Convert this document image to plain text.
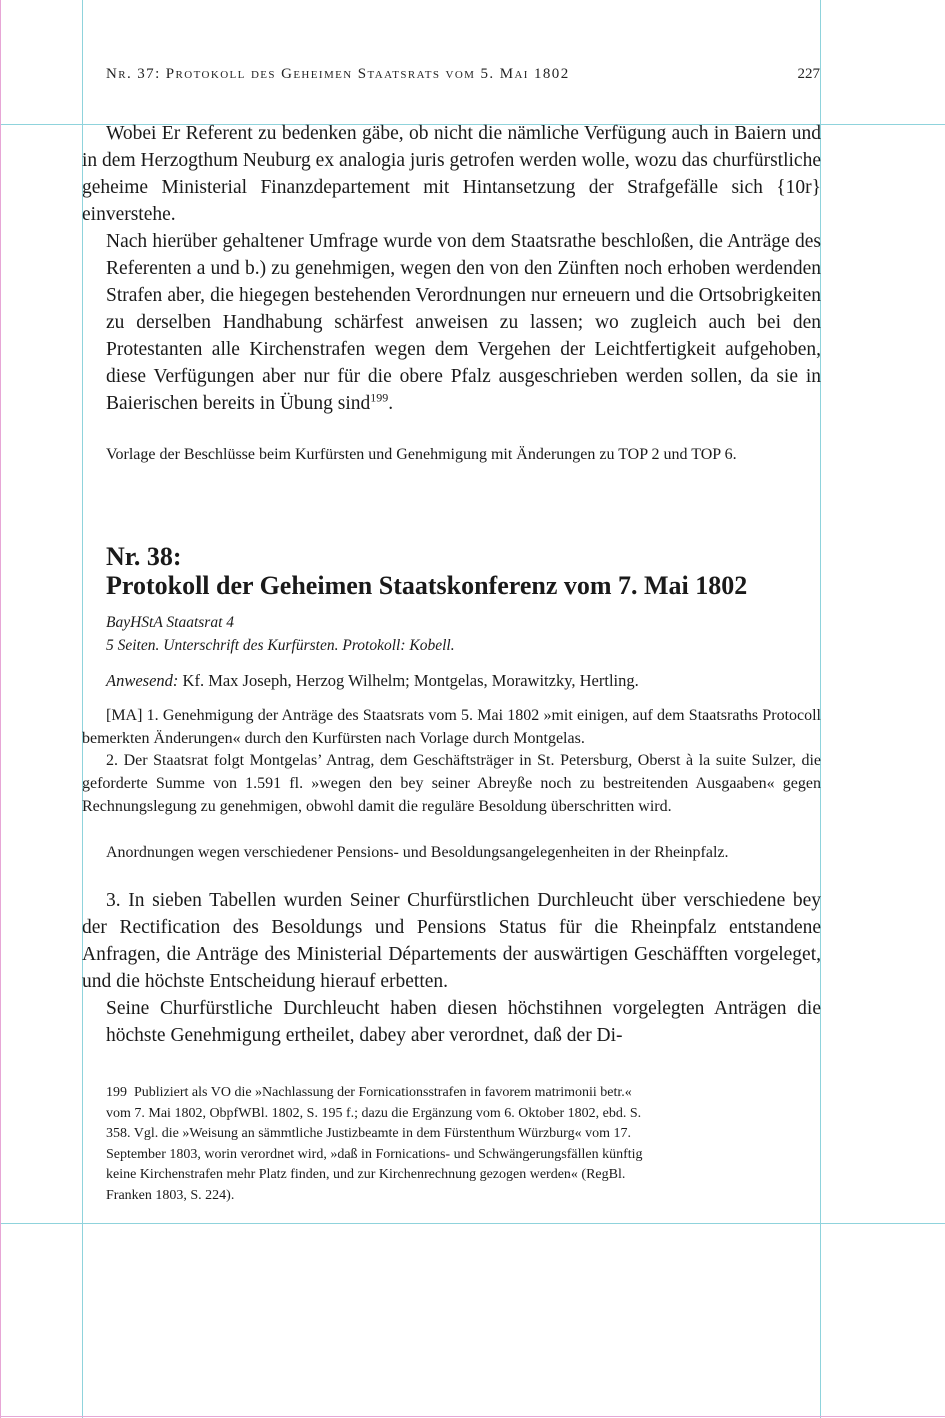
Nr. 37: Protokoll des Geheimen Staatsrats vom 5. Mai 1802	227
Wobei Er Referent zu bedenken gäbe, ob nicht die nämliche Verfügung auch in Baiern und in dem Herzogthum Neuburg ex analogia juris getrofen werden wolle, wozu das churfürstliche geheime Ministerial Finanzdepartement mit Hintansetzung der Strafgefälle sich {10r} einverstehe.
Nach hierüber gehaltener Umfrage wurde von dem Staatsrathe beschloßen, die Anträge des Referenten a und b.) zu genehmigen, wegen den von den Zünften noch erhoben werdenden Strafen aber, die hiegegen bestehenden Verordnungen nur erneuern und die Ortsobrigkeiten zu derselben Handhabung schärfest anweisen zu lassen; wo zugleich auch bei den Protestanten alle Kirchenstrafen wegen dem Vergehen der Leichtfertigkeit aufgehoben, diese Verfügungen aber nur für die obere Pfalz ausgeschrieben werden sollen, da sie in Baierischen bereits in Übung sind$^{199}$.
Vorlage der Beschlüsse beim Kurfürsten und Genehmigung mit Änderungen zu TOP 2 und TOP 6.
Nr. 38:
Protokoll der Geheimen Staatskonferenz vom 7. Mai 1802
BayHStA Staatsrat 4
5 Seiten. Unterschrift des Kurfürsten. Protokoll: Kobell.
Anwesend: Kf. Max Joseph, Herzog Wilhelm; Montgelas, Morawitzky, Hertling.
[MA] 1. Genehmigung der Anträge des Staatsrats vom 5. Mai 1802 »mit einigen, auf dem Staatsraths Protocoll bemerkten Änderungen« durch den Kurfürsten nach Vorlage durch Montgelas.
2. Der Staatsrat folgt Montgelas’ Antrag, dem Geschäftsträger in St. Petersburg, Oberst à la suite Sulzer, die geforderte Summe von 1.591 fl. »wegen den bey seiner Abreyße noch zu bestreitenden Ausgaaben« gegen Rechnungslegung zu genehmigen, obwohl damit die reguläre Besoldung überschritten wird.
Anordnungen wegen verschiedener Pensions- und Besoldungsangelegenheiten in der Rheinpfalz.
3. In sieben Tabellen wurden Seiner Churfürstlichen Durchleucht über verschiedene bey der Rectification des Besoldungs und Pensions Status für die Rheinpfalz entstandene Anfragen, die Anträge des Ministerial Départements der auswärtigen Geschäfften vorgeleget, und die höchste Entscheidung hierauf erbetten.
Seine Churfürstliche Durchleucht haben diesen höchstihnen vorgelegten Anträgen die höchste Genehmigung ertheilet, dabey aber verordnet, daß der Di-
199 Publiziert als VO die »Nachlassung der Fornicationsstrafen in favorem matrimonii betr.« vom 7. Mai 1802, ObpfWBl. 1802, S. 195 f.; dazu die Ergänzung vom 6. Oktober 1802, ebd. S. 358. Vgl. die »Weisung an sämmtliche Justizbeamte in dem Fürstenthum Würzburg« vom 17. September 1803, worin verordnet wird, »daß in Fornications- und Schwängerungsfällen künftig keine Kirchenstrafen mehr Platz finden, und zur Kirchenrechnung gezogen werden« (RegBl. Franken 1803, S. 224).
